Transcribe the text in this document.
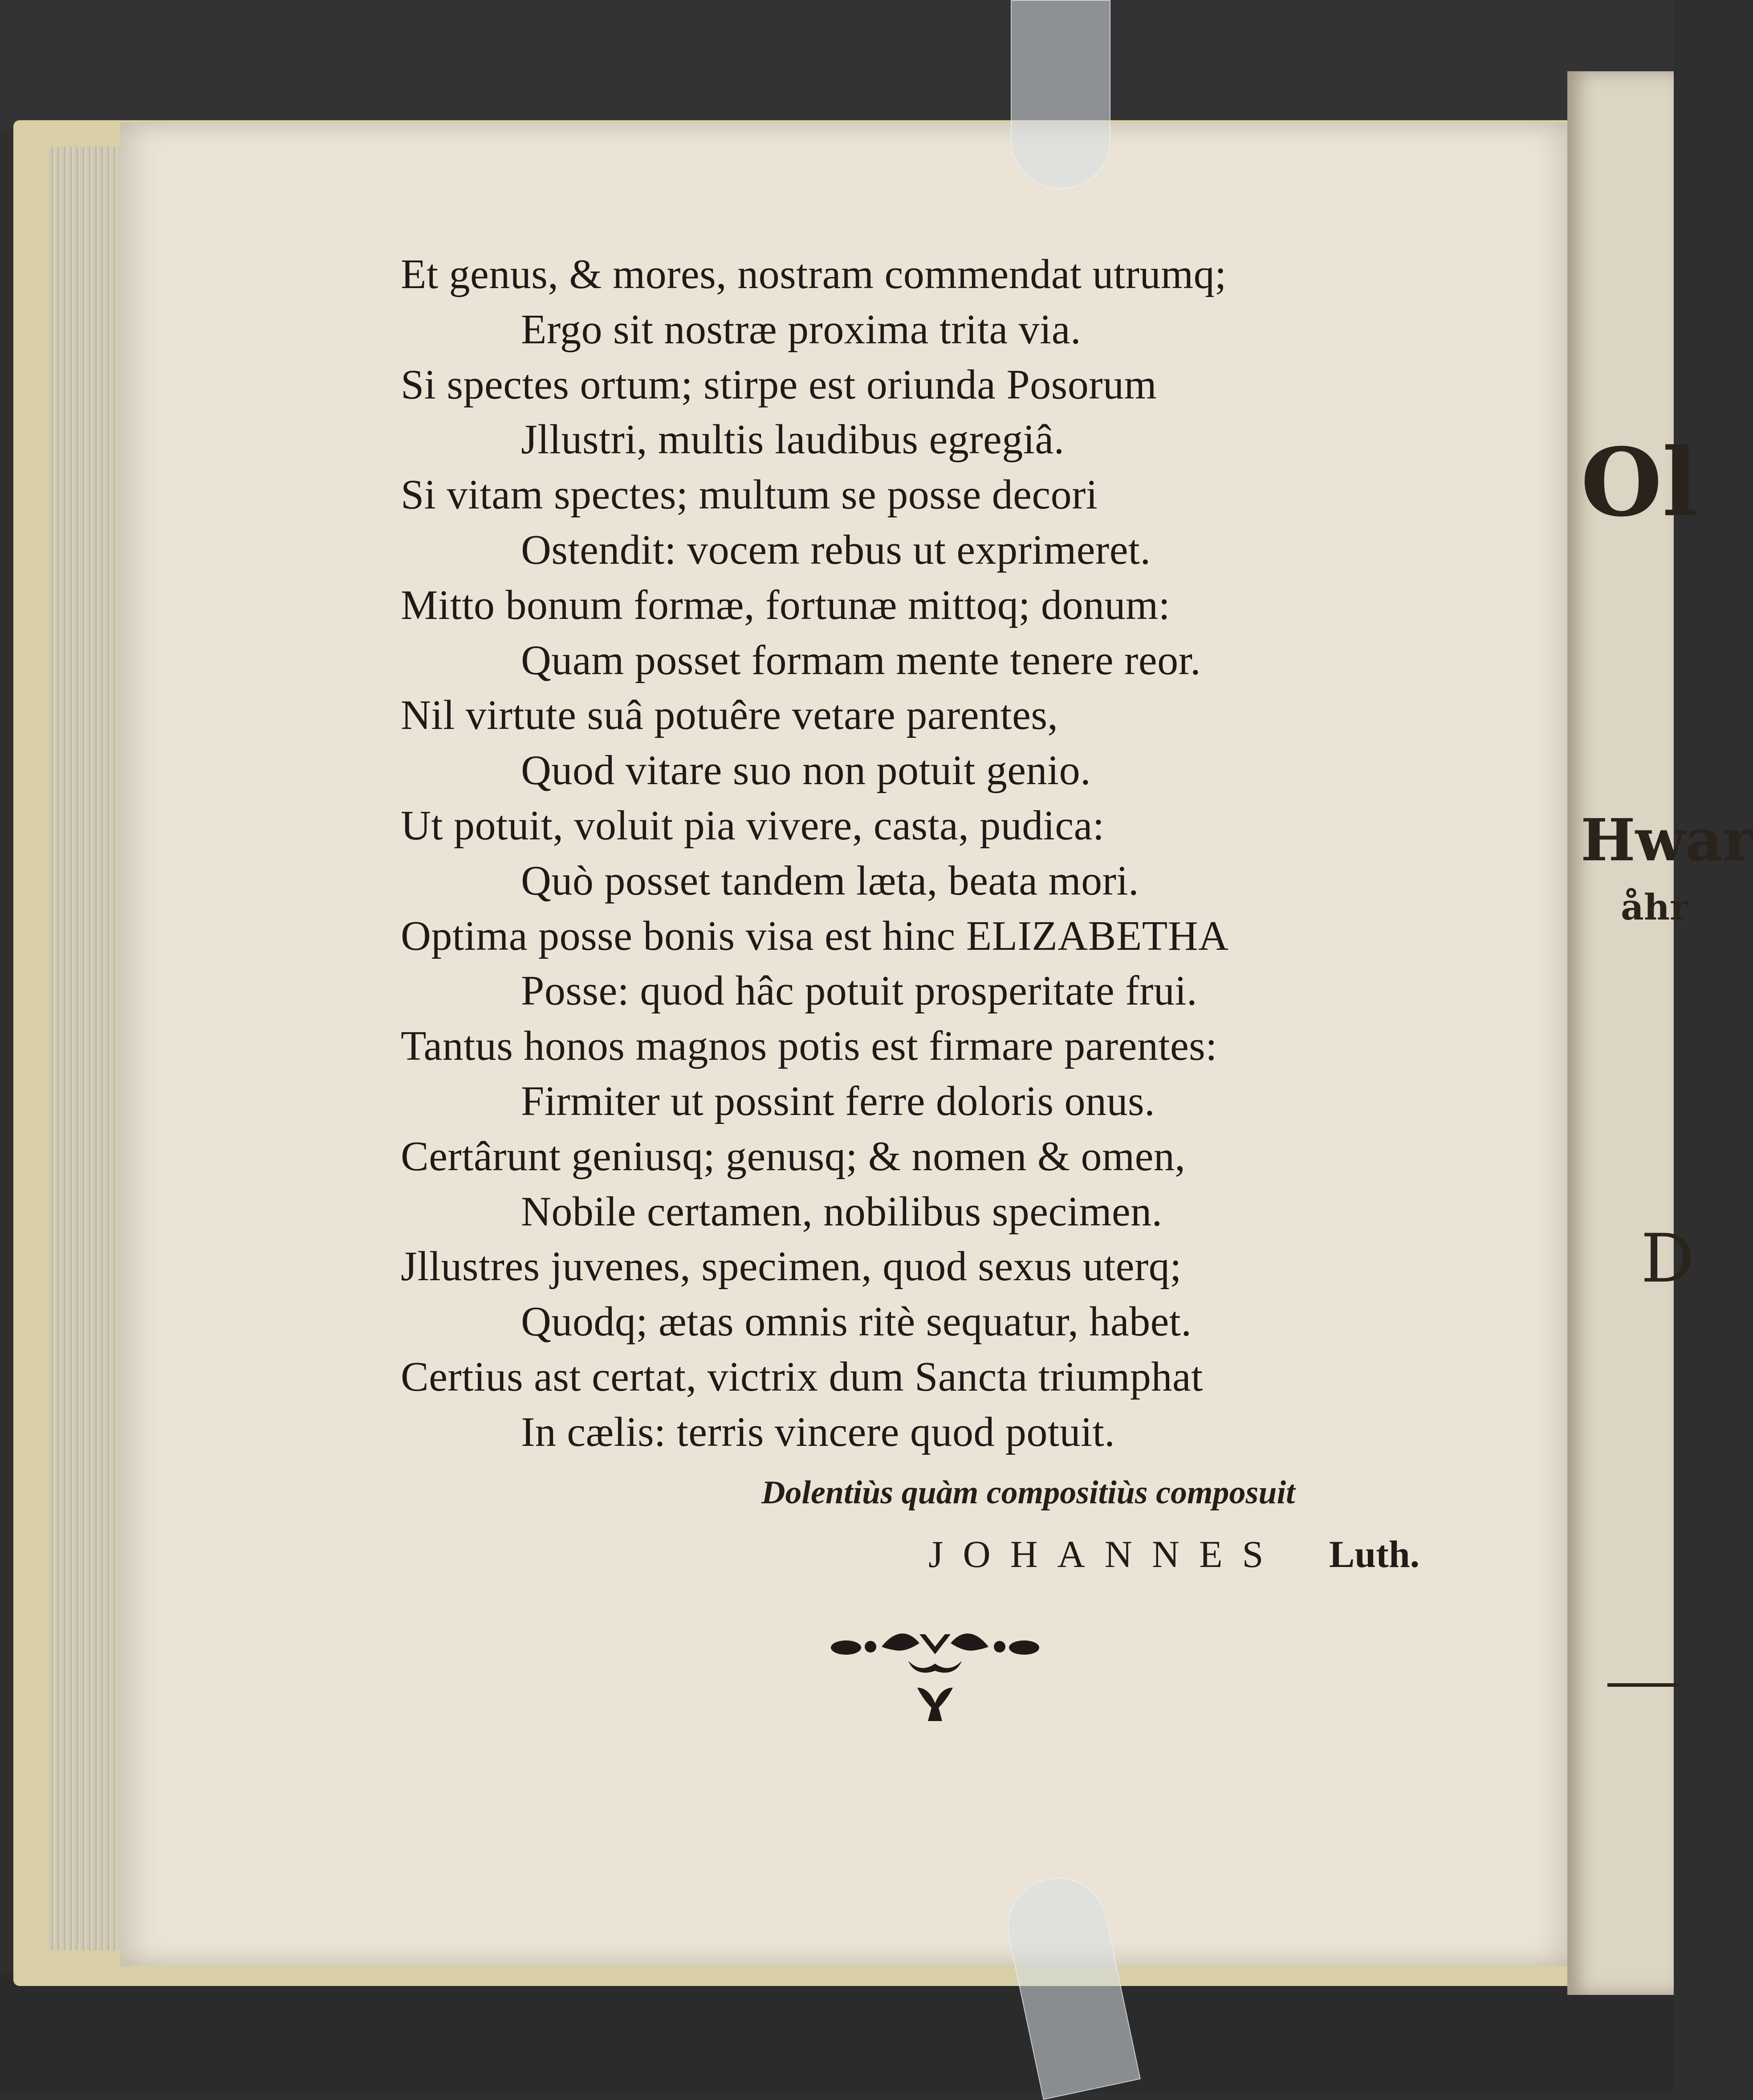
Et genus, & mores, nostram commendat utrumq;
Ergo sit nostræ proxima trita via.
Si spectes ortum; stirpe est oriunda Posorum
Jllustri, multis laudibus egregiâ.
Si vitam spectes; multum se posse decori
Ostendit: vocem rebus ut exprimeret.
Mitto bonum formæ, fortunæ mittoq; donum:
Quam posset formam mente tenere reor.
Nil virtute suâ potuêre vetare parentes,
Quod vitare suo non potuit genio.
Ut potuit, voluit pia vivere, casta, pudica:
Quò posset tandem læta, beata mori.
Optima posse bonis visa est hinc ELIZABETHA
Posse: quod hâc potuit prosperitate frui.
Tantus honos magnos potis est firmare parentes:
Firmiter ut possint ferre doloris onus.
Certârunt geniusq; genusq; & nomen & omen,
Nobile certamen, nobilibus specimen.
Jllustres juvenes, specimen, quod sexus uterq;
Quodq; ætas omnis ritè sequatur, habet.
Certius ast certat, victrix dum Sancta triumphat
In cælis: terris vincere quod potuit.
Dolentiùs quàm compositiùs composuit
JOHANNES Luth.
Ol
Hwar
åhr
D
